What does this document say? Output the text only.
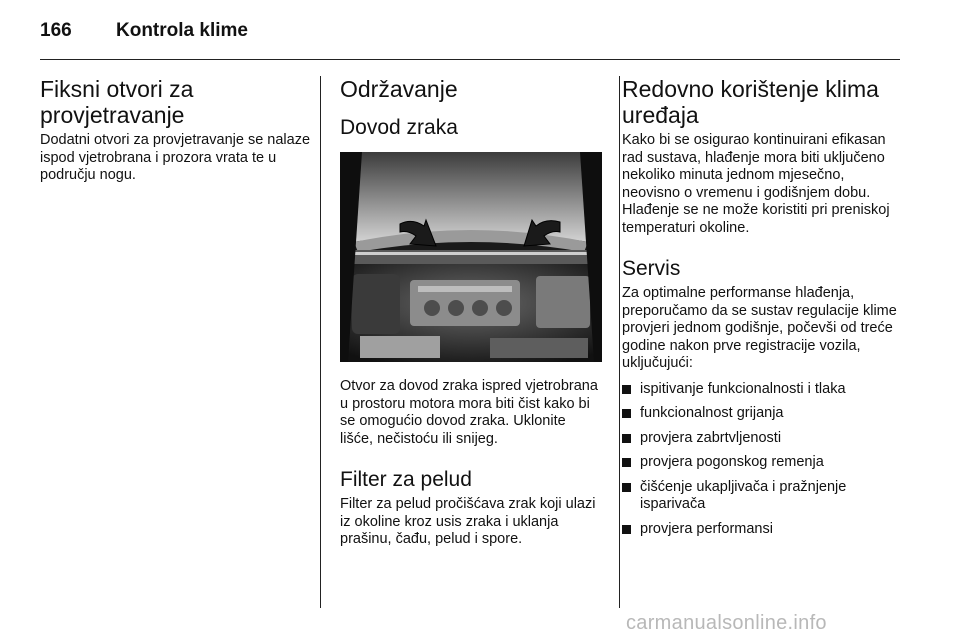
166 Kontrola klime
Fiksni otvori za provjetravanje

Dodatni otvori za provjetravanje se nalaze ispod vjetrobrana i prozora vrata te u području nogu.

Održavanje
Dovod zraka

Otvor za dovod zraka ispred vjetrobrana u prostoru motora mora biti čist kako bi se omogućio dovod zraka. Uklonite lišće, nečistoću ili snijeg.

Filter za pelud

Filter za pelud pročišćava zrak koji ulazi iz okoline kroz usis zraka i uklanja prašinu, čađu, pelud i spore.

Redovno korištenje klima uređaja

Kako bi se osigurao kontinuirani efikasan rad sustava, hlađenje mora biti uključeno nekoliko minuta jednom mjesečno, neovisno o vremenu i godišnjem dobu. Hlađenje se ne može koristiti pri preniskoj temperaturi okoline.

Servis

Za optimalne performanse hlađenja, preporučamo da se sustav regulacije klime provjeri jednom godišnje, počevši od treće godine nakon prve registracije vozila, uključujući:

ispitivanje funkcionalnosti i tlaka
funkcionalnost grijanja
provjera zabrtvljenosti
provjera pogonskog remenja
čišćenje ukapljivača i pražnjenje isparivača
provjera performansi
carmanualsonline.info
